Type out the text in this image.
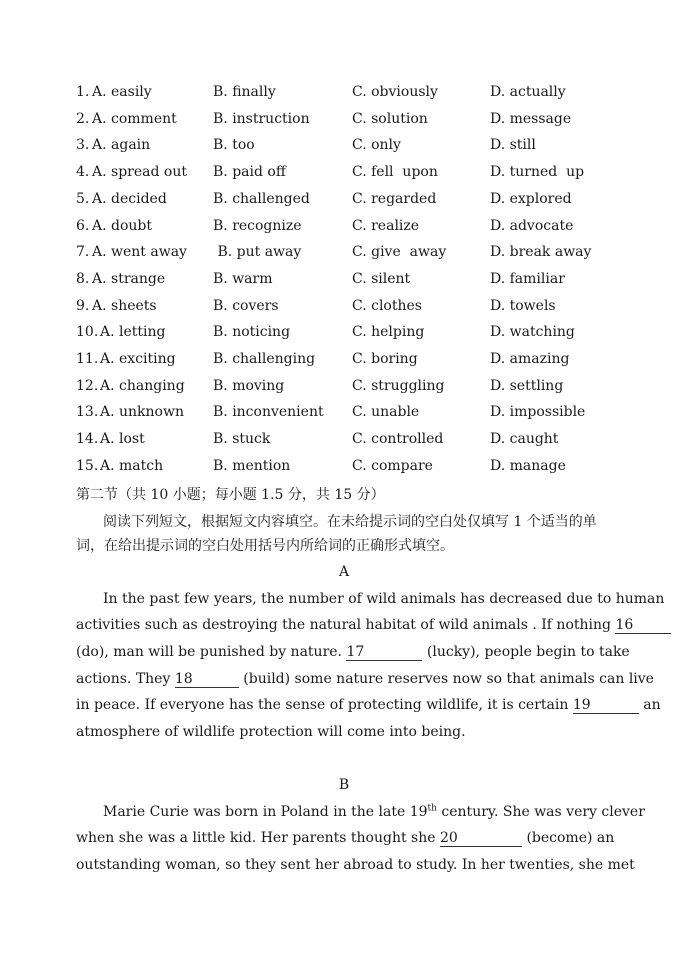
1. A. easily	B. finally	C. obviously	D. actually
2. A. comment	B. instruction	C. solution	D. message
3. A. again	B. too	C. only	D. still
4. A. spread out B. paid off	C. fell  upon	D. turned  up
5. A. decided	B. challenged	C. regarded	D. explored
6. A. doubt	B. recognize	C. realize	D. advocate
7. A. went away B. put away	C. give  away	D. break away
8. A. strange	B. warm	C. silent	D. familiar
9. A. sheets	B. covers	C. clothes	D. towels
10. A. letting	B. noticing	C. helping	D. watching
11. A. exciting	B. challenging	C. boring	D. amazing
12. A. changing B. moving	C. struggling	D. settling
13. A. unknown B. inconvenient C. unable	D. impossible
14. A. lost	B. stuck	C. controlled	D. caught
15. A. match	B. mention	C. compare	D. manage
第二节（共 10 小题；每小题 1.5 分，共 15 分）
阅读下列短文，根据短文内容填空。在未给提示词的空白处仅填写 1 个适当的单词，在给出提示词的空白处用括号内所给词的正确形式填空。
A
In the past few years, the number of wild animals has decreased due to human
activities such as destroying the natural habitat of wild animals . If nothing 16
(do), man will be punished by nature. 17	(lucky), people begin to take
actions. They 18	(build) some nature reserves now so that animals can live
in peace. If everyone has the sense of protecting wildlife, it is certain 19	an
atmosphere of wildlife protection will come into being.
B
Marie Curie was born in Poland in the late 19th century. She was very clever
when she was a little kid. Her parents thought she 20	(become) an
outstanding woman, so they sent her abroad to study. In her twenties, she met
